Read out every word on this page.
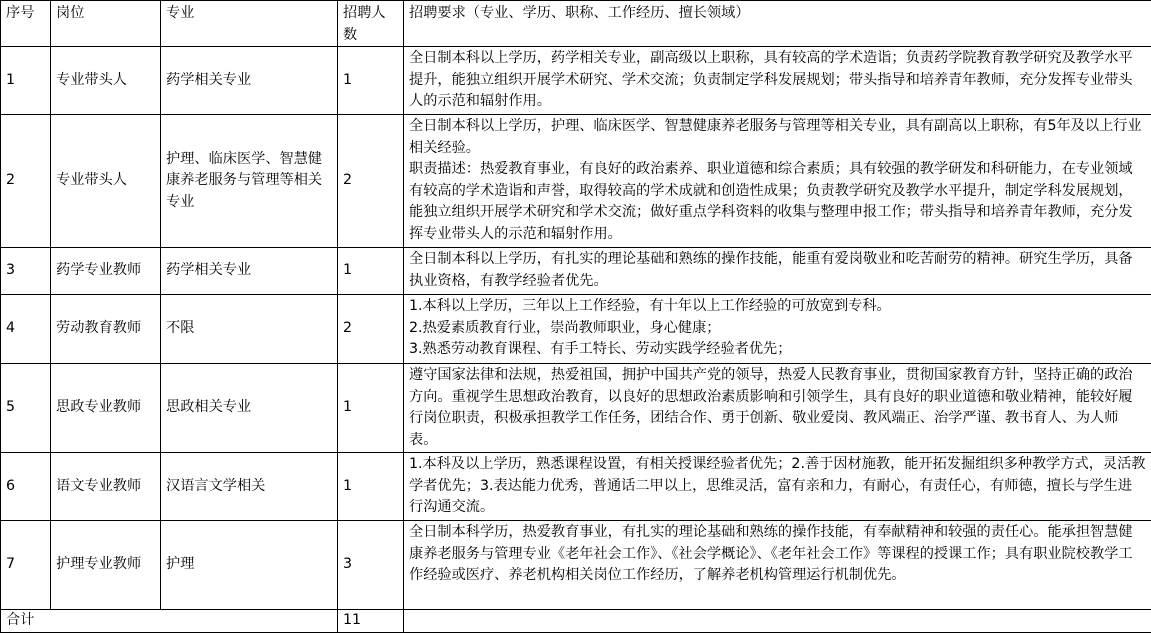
序号	岗位	专业	招聘人数	招聘要求（专业、学历、职称、工作经历、擅长领域）
1	专业带头人	药学相关专业	1	全日制本科以上学历，药学相关专业，副高级以上职称，具有较高的学术造诣；负责药学院教育教学研究及教学水平提升，能独立组织开展学术研究、学术交流；负责制定学科发展规划；带头指导和培养青年教师，充分发挥专业带头人的示范和辐射作用。

2	专业带头人	护理、临床医学、智慧健康养老服务与管理等相关专业	2	全日制本科以上学历，护理、临床医学、智慧健康养老服务与管理等相关专业，具有副高以上职称，有5年及以上行业相关经验。
职责描述：热爱教育事业，有良好的政治素养、职业道德和综合素质；具有较强的教学研发和科研能力，在专业领域有较高的学术造诣和声誉，取得较高的学术成就和创造性成果；负责教学研究及教学水平提升，制定学科发展规划，能独立组织开展学术研究和学术交流；做好重点学科资料的收集与整理申报工作；带头指导和培养青年教师，充分发挥专业带头人的示范和辐射作用。

3	药学专业教师	药学相关专业	1	全日制本科以上学历，有扎实的理论基础和熟练的操作技能，能重有爱岗敬业和吃苦耐劳的精神。研究生学历，具备执业资格，有教学经验者优先。

4	劳动教育教师	不限	2	1.本科以上学历，三年以上工作经验，有十年以上工作经验的可放宽到专科。
2.热爱素质教育行业，崇尚教师职业，身心健康；
3.熟悉劳动教育课程、有手工特长、劳动实践学经验者优先；

5	思政专业教师	思政相关专业	1	遵守国家法律和法规，热爱祖国，拥护中国共产党的领导，热爱人民教育事业，贯彻国家教育方针，坚持正确的政治方向。重视学生思想政治教育，以良好的思想政治素质影响和引领学生，具有良好的职业道德和敬业精神，能较好履行岗位职责，积极承担教学工作任务，团结合作、勇于创新、敬业爱岗、教风端正、治学严谨、教书育人、为人师表。

6	语文专业教师	汉语言文学相关	1	1.本科及以上学历，熟悉课程设置，有相关授课经验者优先；2.善于因材施教，能开拓发掘组织多种教学方式，灵活教学者优先；3.表达能力优秀，普通话二甲以上，思维灵活，富有亲和力，有耐心，有责任心，有师德，擅长与学生进行沟通交流。

7	护理专业教师	护理	3	全日制本科学历，热爱教育事业，有扎实的理论基础和熟练的操作技能，有奉献精神和较强的责任心。能承担智慧健康养老服务与管理专业《老年社会工作》、《社会学概论》、《老年社会工作》等课程的授课工作；具有职业院校教学工作经验或医疗、养老机构相关岗位工作经历，了解养老机构管理运行机制优先。

合计			11	
